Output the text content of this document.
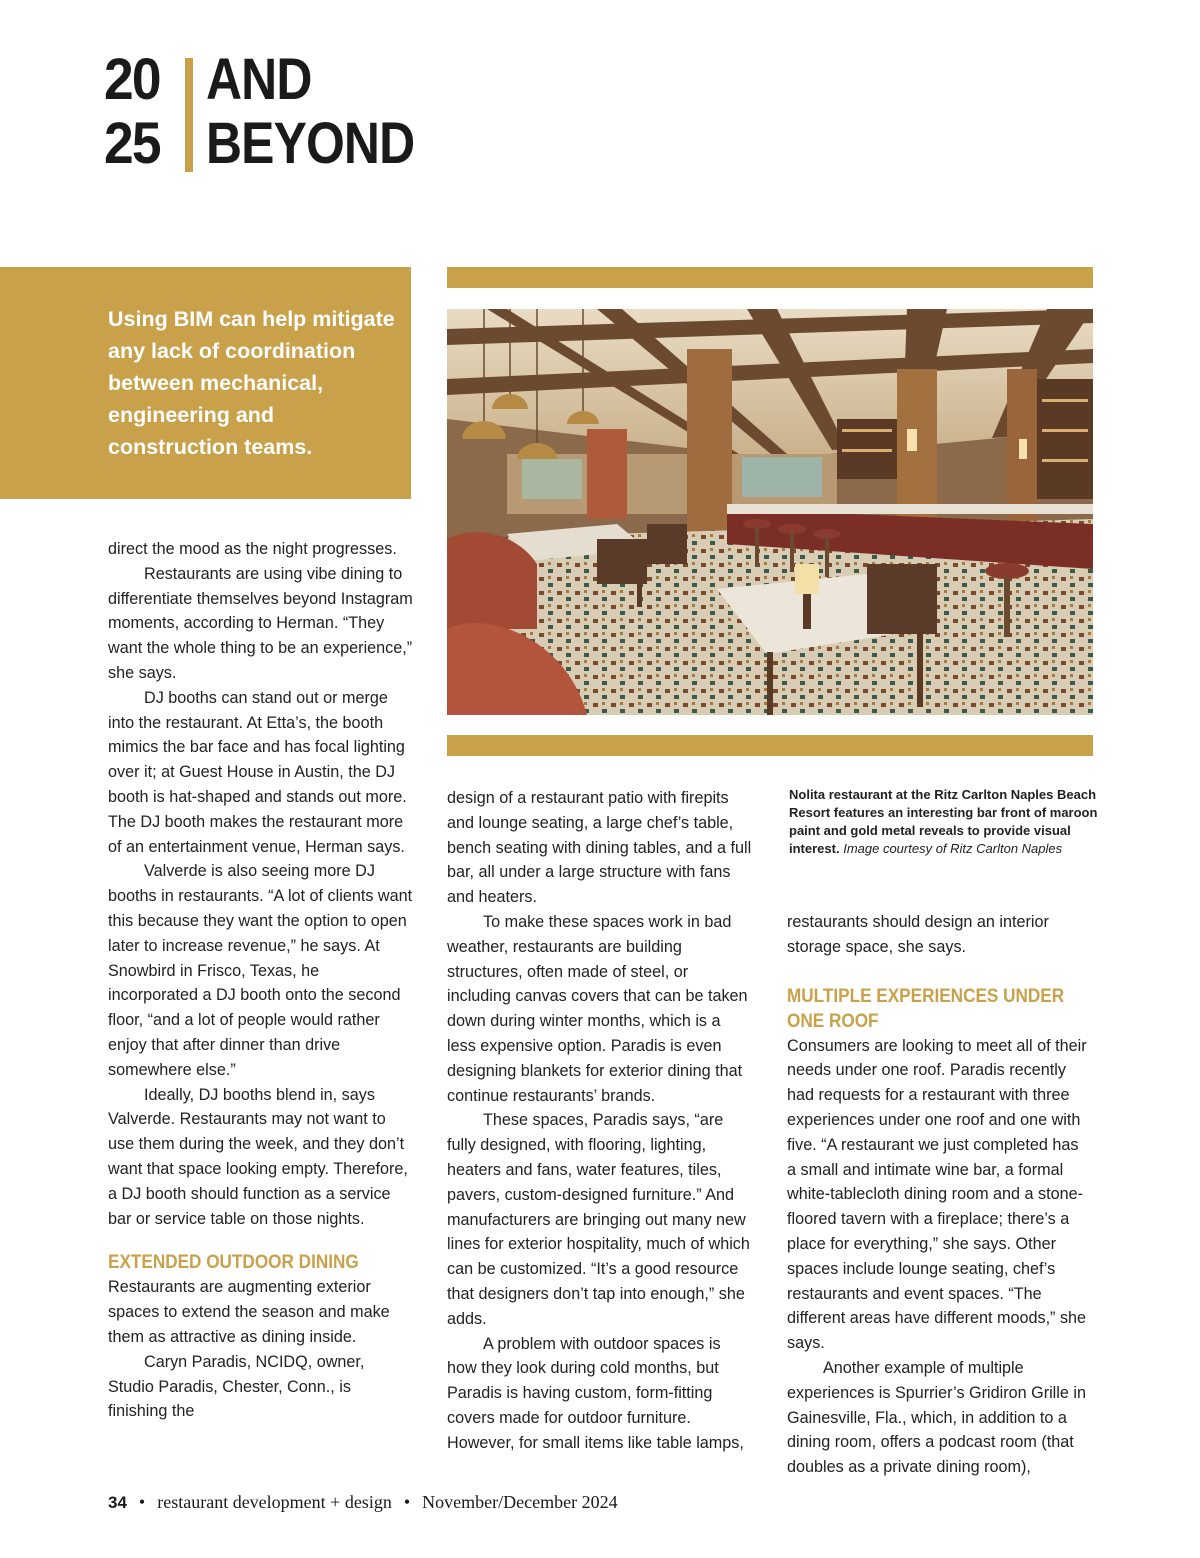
20
25
AND
BEYOND
Using BIM can help mitigate any lack of coordination between mechanical, engineering and construction teams.
Nolita restaurant at the Ritz Carlton Naples Beach Resort features an interesting bar front of maroon paint and gold metal reveals to provide visual interest. Image courtesy of Ritz Carlton Naples

direct the mood as the night progresses.

Restaurants are using vibe dining to differentiate themselves beyond Instagram moments, according to Herman. “They want the whole thing to be an experience,” she says.

DJ booths can stand out or merge into the restaurant. At Etta’s, the booth mimics the bar face and has focal lighting over it; at Guest House in Austin, the DJ booth is hat-shaped and stands out more. The DJ booth makes the restaurant more of an entertainment venue, Herman says.

Valverde is also seeing more DJ booths in restaurants. “A lot of clients want this because they want the option to open later to increase revenue,” he says. At Snowbird in Frisco, Texas, he incorporated a DJ booth onto the second floor, “and a lot of people would rather enjoy that after dinner than drive somewhere else.”

Ideally, DJ booths blend in, says Valverde. Restaurants may not want to use them during the week, and they don’t want that space looking empty. Therefore, a DJ booth should function as a service bar or service table on those nights.

EXTENDED OUTDOOR DINING

Restaurants are augmenting exterior spaces to extend the season and make them as attractive as dining inside.

Caryn Paradis, NCIDQ, owner, Studio Paradis, Chester, Conn., is finishing the

design of a restaurant patio with firepits and lounge seating, a large chef’s table, bench seating with dining tables, and a full bar, all under a large structure with fans and heaters.

To make these spaces work in bad weather, restaurants are building structures, often made of steel, or including canvas covers that can be taken down during winter months, which is a less expensive option. Paradis is even designing blankets for exterior dining that continue restaurants’ brands.

These spaces, Paradis says, “are fully designed, with flooring, lighting, heaters and fans, water features, tiles, pavers, custom-designed furniture.” And manufacturers are bringing out many new lines for exterior hospitality, much of which can be customized. “It’s a good resource that designers don’t tap into enough,” she adds.

A problem with outdoor spaces is how they look during cold months, but Paradis is having custom, form-fitting covers made for outdoor furniture. However, for small items like table lamps,

restaurants should design an interior storage space, she says.

MULTIPLE EXPERIENCES UNDER
ONE ROOF

Consumers are looking to meet all of their needs under one roof. Paradis recently had requests for a restaurant with three experiences under one roof and one with five. “A restaurant we just completed has a small and intimate wine bar, a formal white-tablecloth dining room and a stone-floored tavern with a fireplace; there’s a place for everything,” she says. Other spaces include lounge seating, chef’s restaurants and event spaces. “The different areas have different moods,” she says.

Another example of multiple experiences is Spurrier’s Gridiron Grille in Gainesville, Fla., which, in addition to a dining room, offers a podcast room (that doubles as a private dining room),

34 • restaurant development + design • November/December 2024
